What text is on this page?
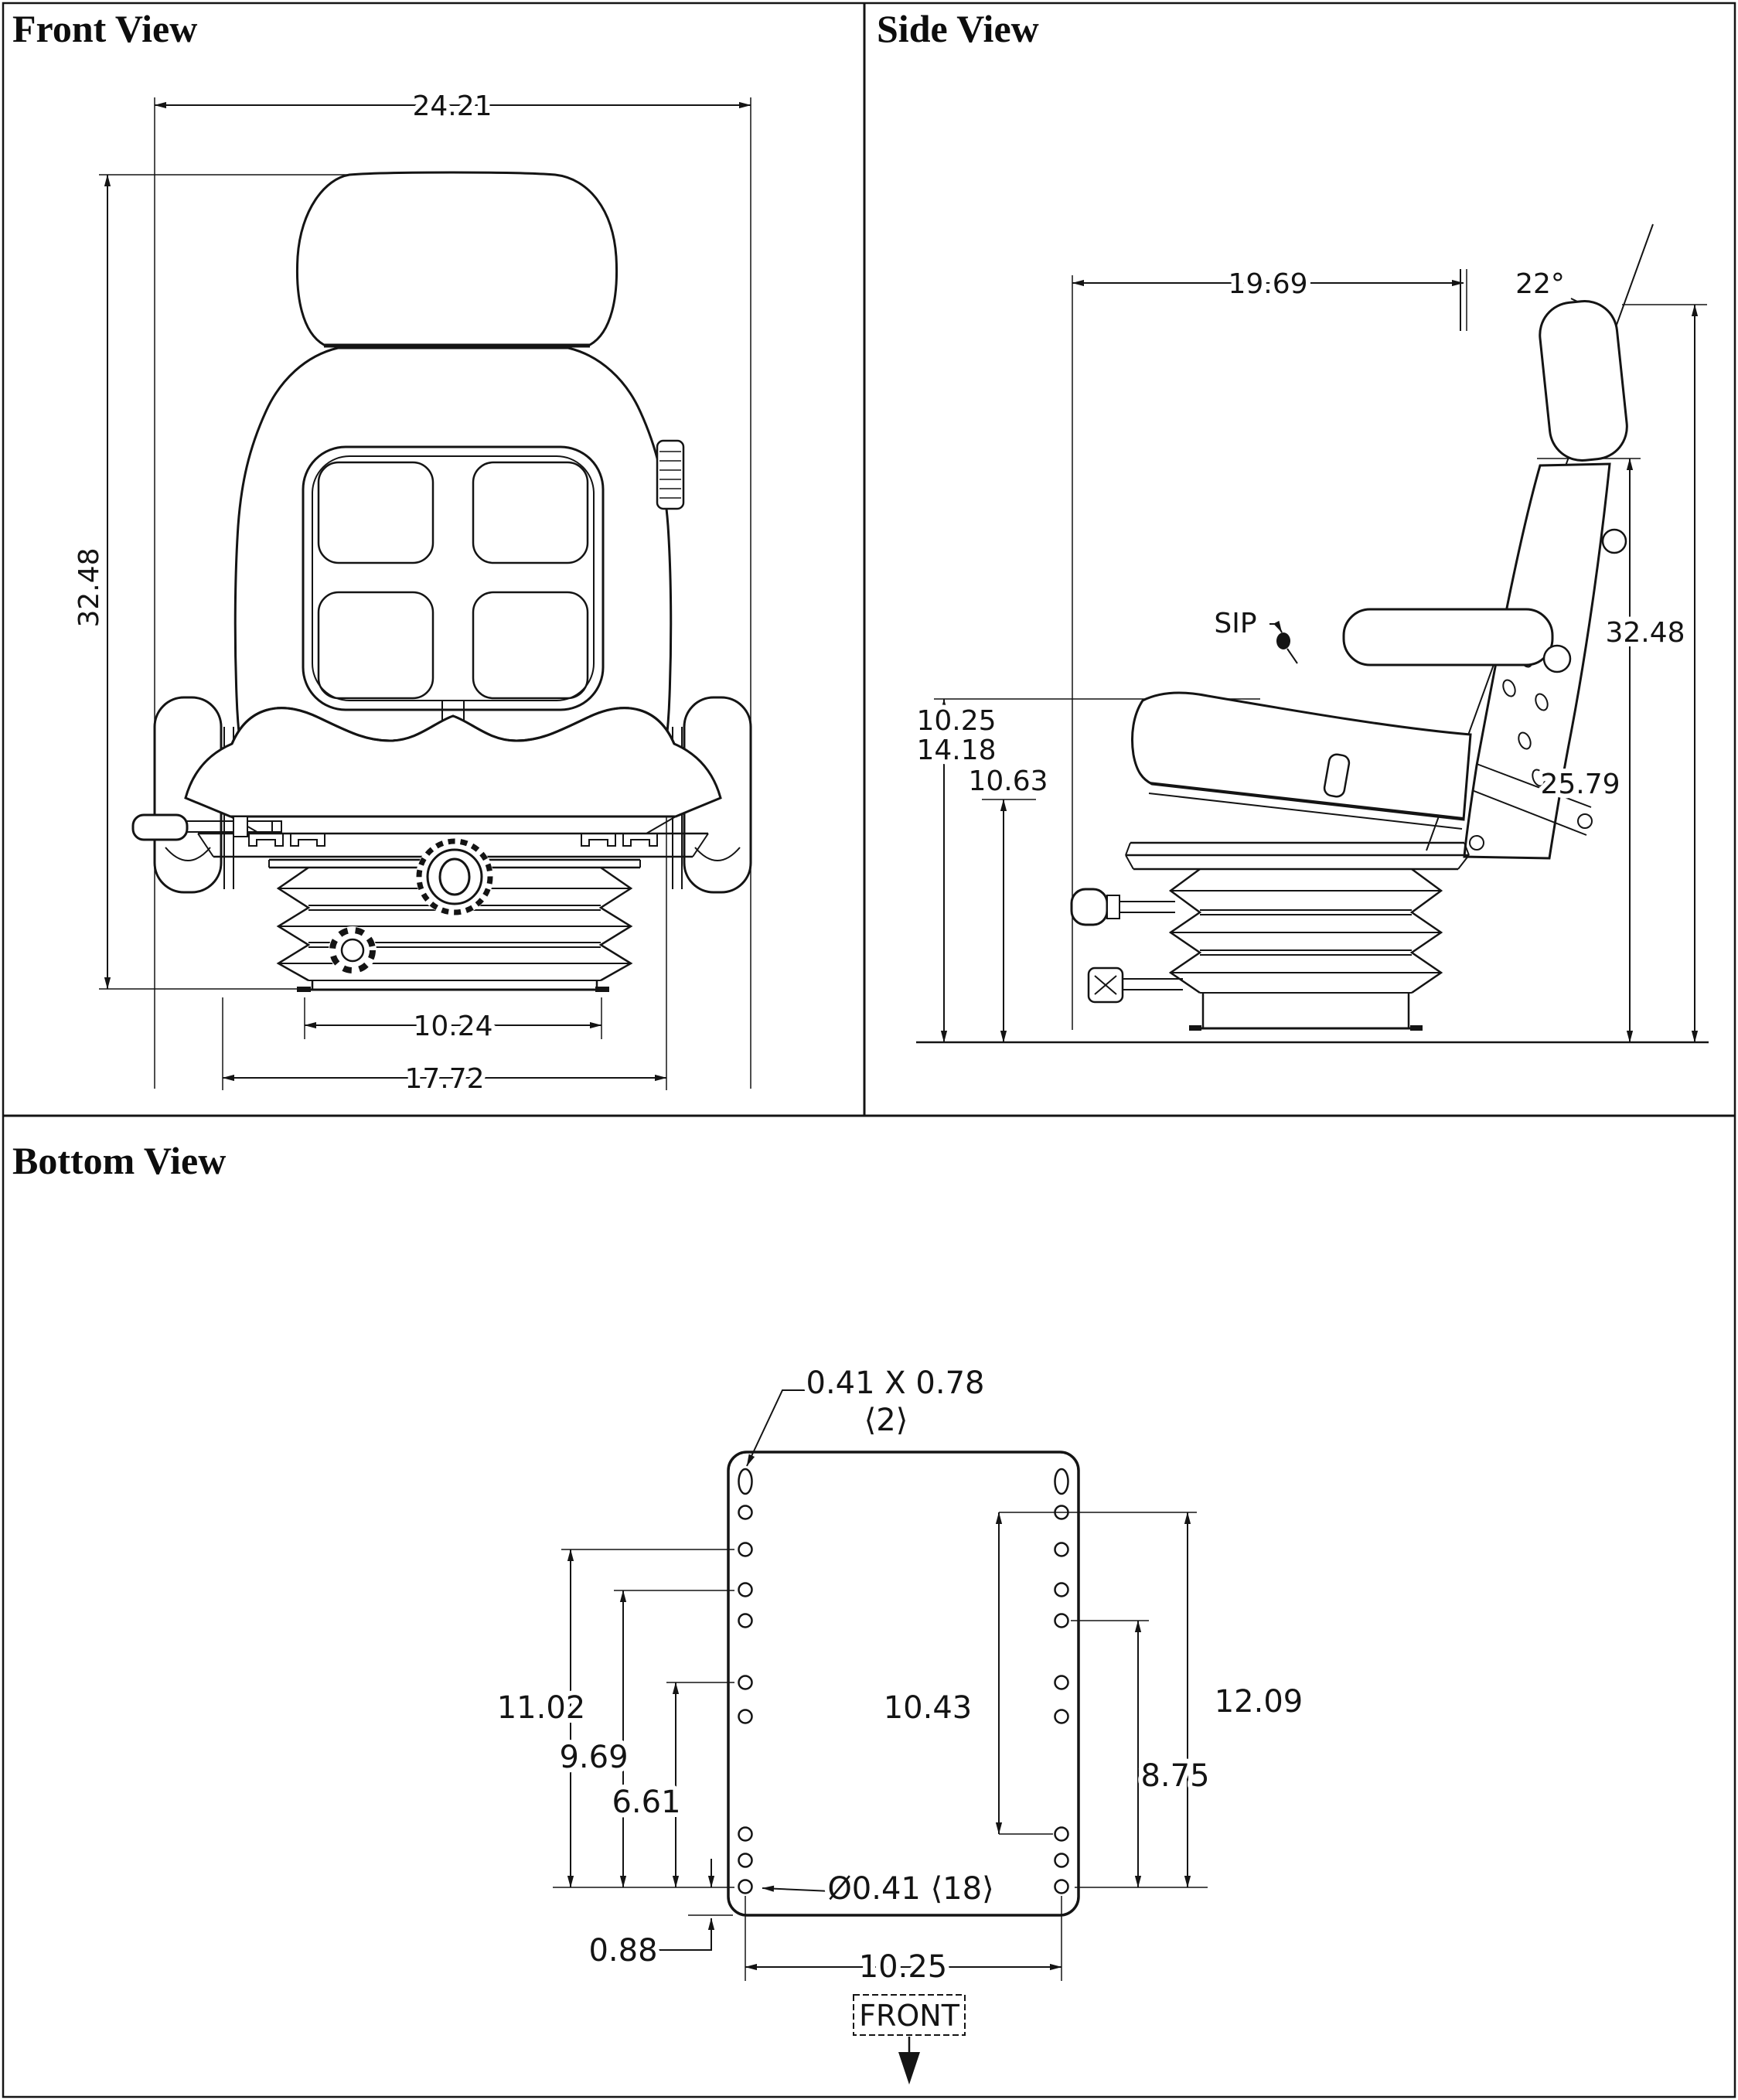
Front View
24.21
32.48
10.24
17.72
Side View
19.69	22°
32.48
25.79
10.25
14.18
10.63
SIP
Bottom View
0.41 X 0.78
⟨2⟩
11.02
9.69
6.61
10.43	12.09
8.75
Ø0.41 ⟨18⟩
0.88	10.25
FRONT
